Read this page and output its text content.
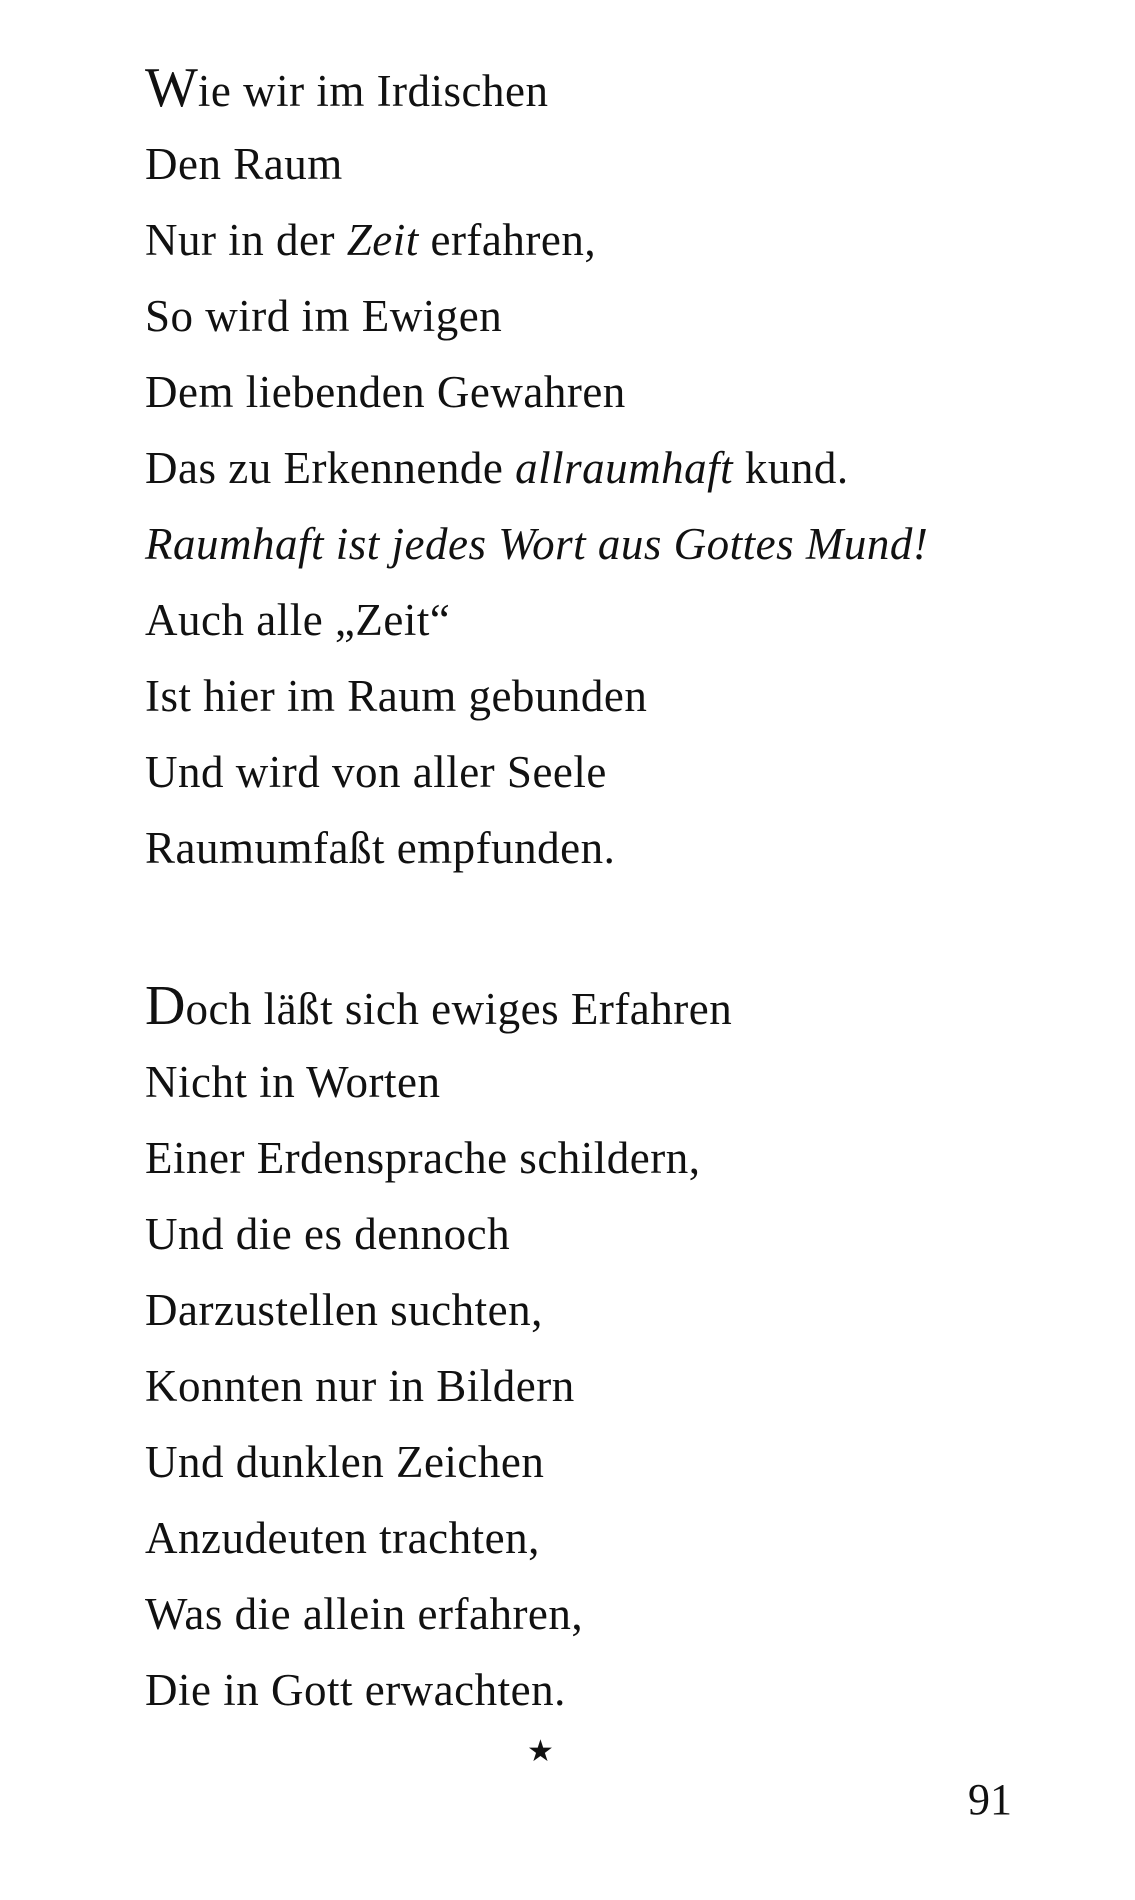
Wie wir im Irdischen
Den Raum
Nur in der Zeit erfahren,
So wird im Ewigen
Dem liebenden Gewahren
Das zu Erkennende allraumhaft kund.
Raumhaft ist jedes Wort aus Gottes Mund!
Auch alle „Zeit“
Ist hier im Raum gebunden
Und wird von aller Seele
Raumumfaßt empfunden.
Doch läßt sich ewiges Erfahren
Nicht in Worten
Einer Erdensprache schildern,
Und die es dennoch
Darzustellen suchten,
Konnten nur in Bildern
Und dunklen Zeichen
Anzudeuten trachten,
Was die allein erfahren,
Die in Gott erwachten.
★
91
